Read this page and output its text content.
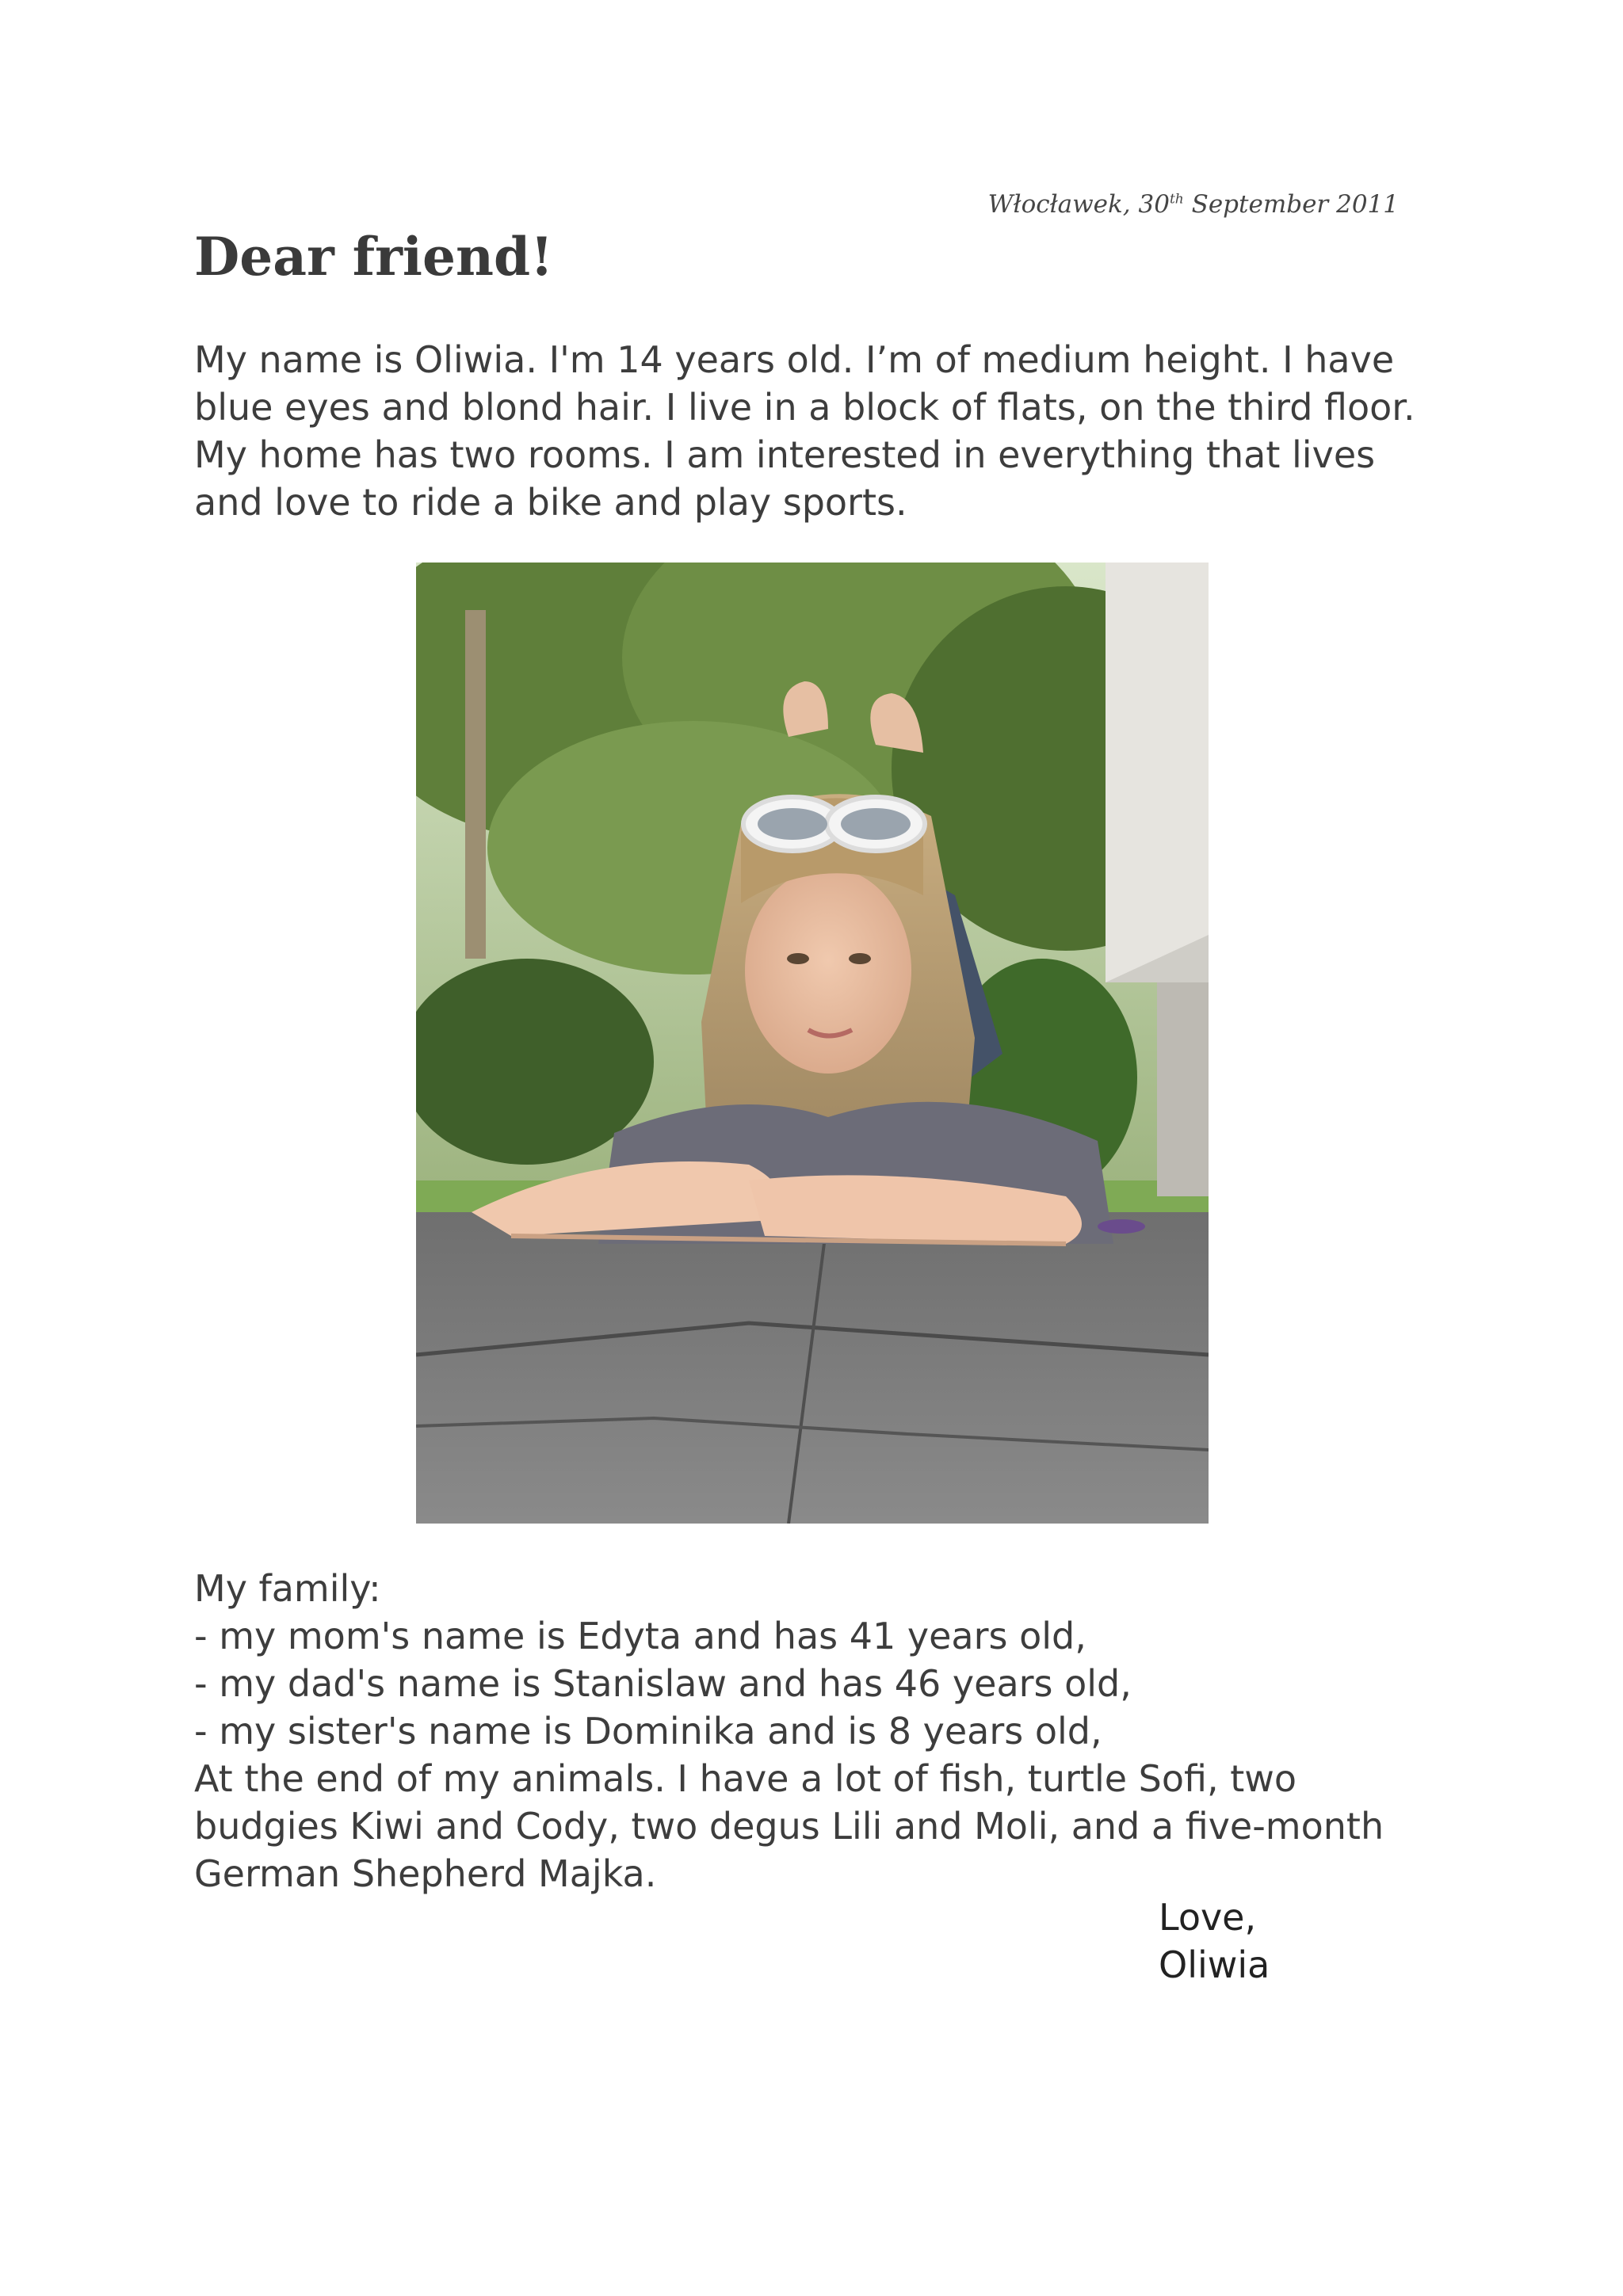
Włocławek, 30th September 2011
Dear friend!
My name is Oliwia. I'm 14 years old. I’m of medium height. I have
blue eyes and blond hair. I live in a block of flats, on the third floor.
My home has two rooms. I am interested in everything that lives
and love to ride a bike and play sports.
My family:
- my mom's name is Edyta and has 41 years old,
- my dad's name is Stanislaw and has 46 years old,
- my sister's name is Dominika and is 8 years old,
At the end of my animals. I have a lot of fish, turtle Sofi, two
budgies Kiwi and Cody, two degus Lili and Moli, and a five-month
German Shepherd Majka.
Love,
Oliwia
